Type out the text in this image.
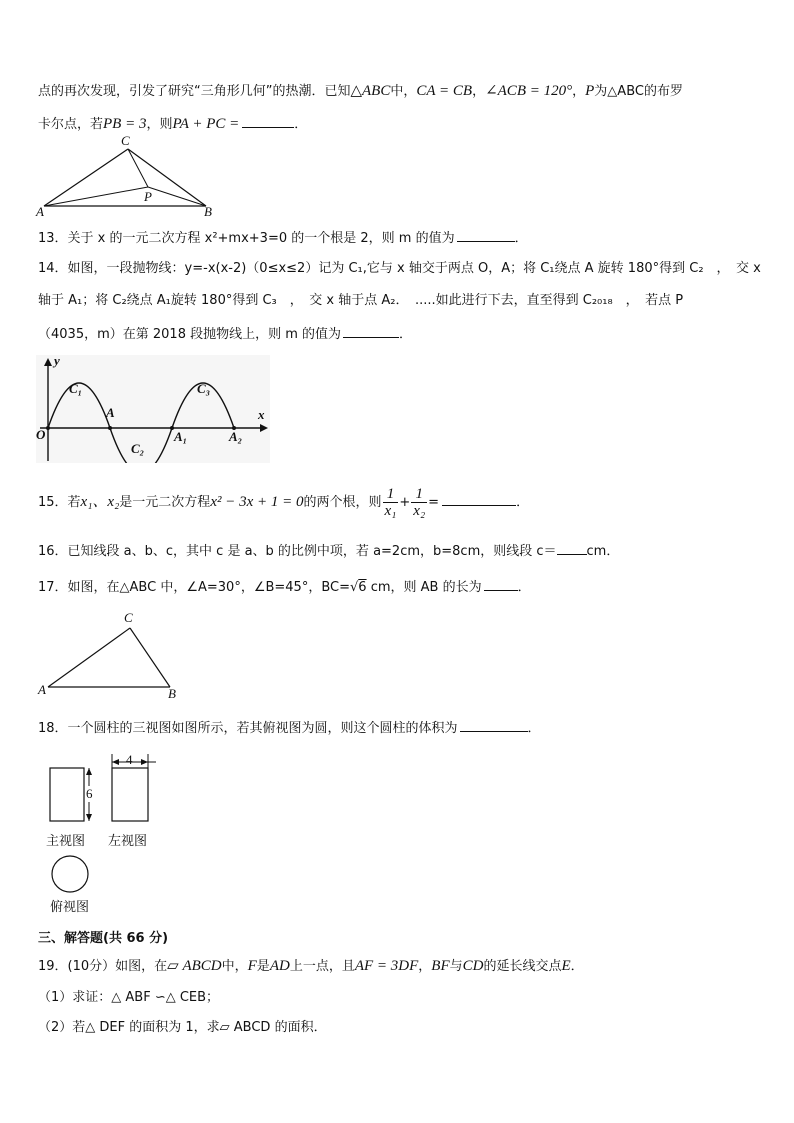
点的再次发现，引发了研究“三角形几何”的热潮．已知△ABC中，CA = CB，∠ACB = 120°，P为△ABC的布罗
卡尔点，若PB = 3，则PA + PC =	．
C
P
A	B
13．关于 x 的一元二次方程 x²+mx+3=0 的一个根是 2，则 m 的值为	．
14．如图，一段抛物线：y=-x(x-2)（0≤x≤2）记为 C₁,它与 x 轴交于两点 O，A；将 C₁绕点 A 旋转 180°得到 C₂　，　交 x
轴于 A₁；将 C₂绕点 A₁旋转 180°得到 C₃　，　交 x 轴于点 A₂．　.....如此进行下去，直至得到 C₂₀₁₈　，　若点 P
（4035，m）在第 2018 段抛物线上，则 m 的值为	．
y
x
O
C₁
A
C₂
A₁
C₃
A₂
15．若x₁、x₂是一元二次方程x² − 3x + 1 = 0的两个根，则 $\frac{1}{\text{x₁}} + \frac{1}{\text{x₂}}$ =	．
16．已知线段 a、b、c，其中 c 是 a、b 的比例中项，若 a=2cm，b=8cm，则线段 c＝ cm．
17．如图，在△ABC 中，∠A=30°，∠B=45°，BC=√6 cm，则 AB 的长为	．
C
A	B
18．一个圆柱的三视图如图所示，若其俯视图为圆，则这个圆柱的体积为	．
4
6
主视图 左视图
俯视图
三、解答题(共 66 分)
19．(10分）如图，在▱ ABCD中，F是AD上一点，且AF = 3DF，BF与CD的延长线交点E．
（1）求证：△ ABF ∽△ CEB；
（2）若△ DEF 的面积为 1，求▱ ABCD 的面积．
